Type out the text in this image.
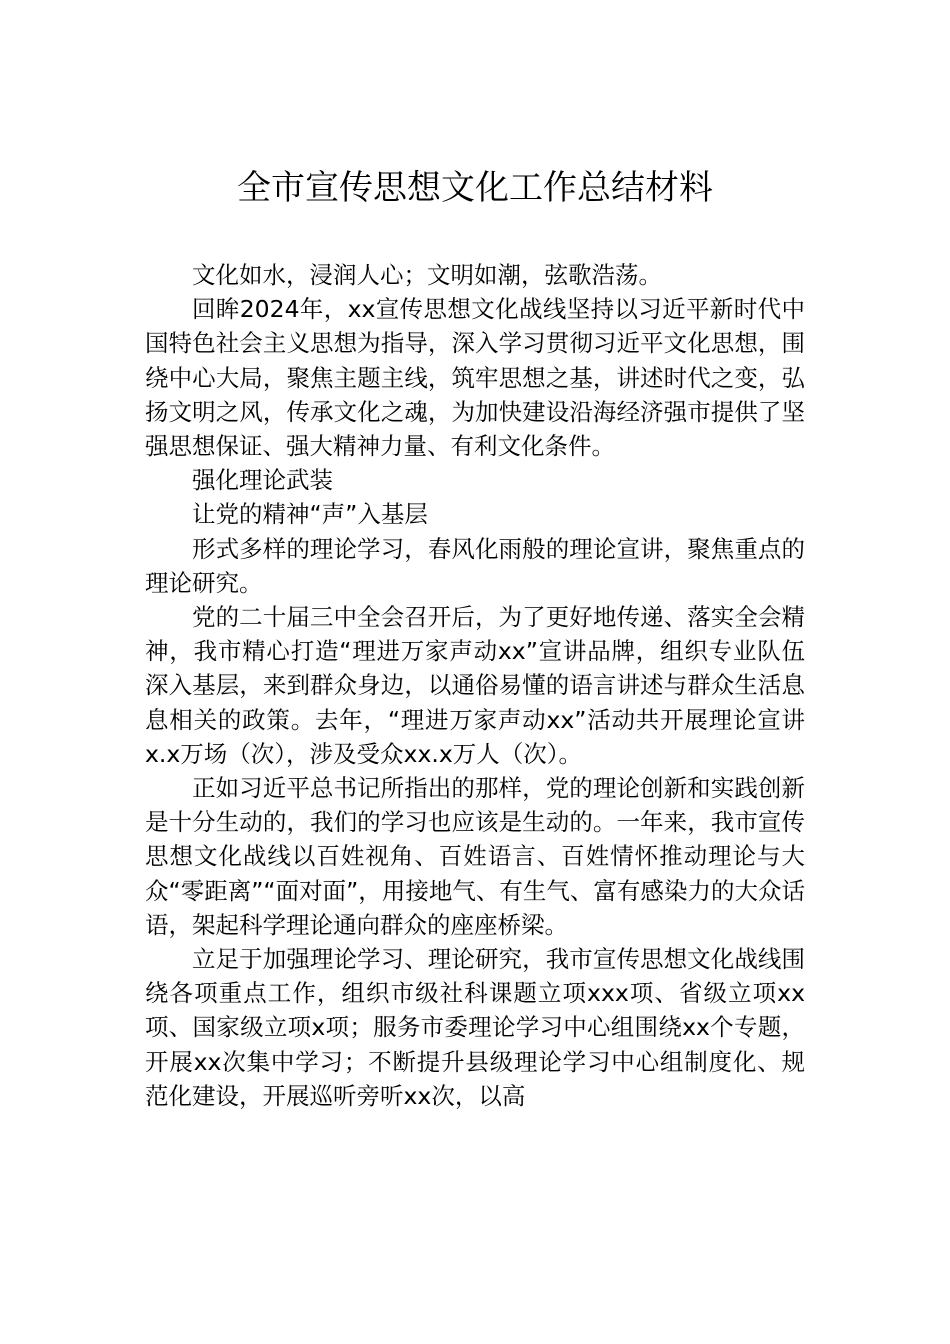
全市宣传思想文化工作总结材料

文化如水，浸润人心；文明如潮，弦歌浩荡。

回眸2024年，xx宣传思想文化战线坚持以习近平新时代中国特色社会主义思想为指导，深入学习贯彻习近平文化思想，围绕中心大局，聚焦主题主线，筑牢思想之基，讲述时代之变，弘扬文明之风，传承文化之魂，为加快建设沿海经济强市提供了坚强思想保证、强大精神力量、有利文化条件。

强化理论武装

让党的精神“声”入基层

形式多样的理论学习，春风化雨般的理论宣讲，聚焦重点的理论研究。

党的二十届三中全会召开后，为了更好地传递、落实全会精神，我市精心打造“理进万家声动xx”宣讲品牌，组织专业队伍深入基层，来到群众身边，以通俗易懂的语言讲述与群众生活息息相关的政策。去年，“理进万家声动xx”活动共开展理论宣讲x.x万场（次），涉及受众xx.x万人（次）。

正如习近平总书记所指出的那样，党的理论创新和实践创新是十分生动的，我们的学习也应该是生动的。一年来，我市宣传思想文化战线以百姓视角、百姓语言、百姓情怀推动理论与大众“零距离”“面对面”，用接地气、有生气、富有感染力的大众话语，架起科学理论通向群众的座座桥梁。

立足于加强理论学习、理论研究，我市宣传思想文化战线围绕各项重点工作，组织市级社科课题立项xxx项、省级立项xx项、国家级立项x项；服务市委理论学习中心组围绕xx个专题，开展xx次集中学习；不断提升县级理论学习中心组制度化、规范化建设，开展巡听旁听xx次，以高
